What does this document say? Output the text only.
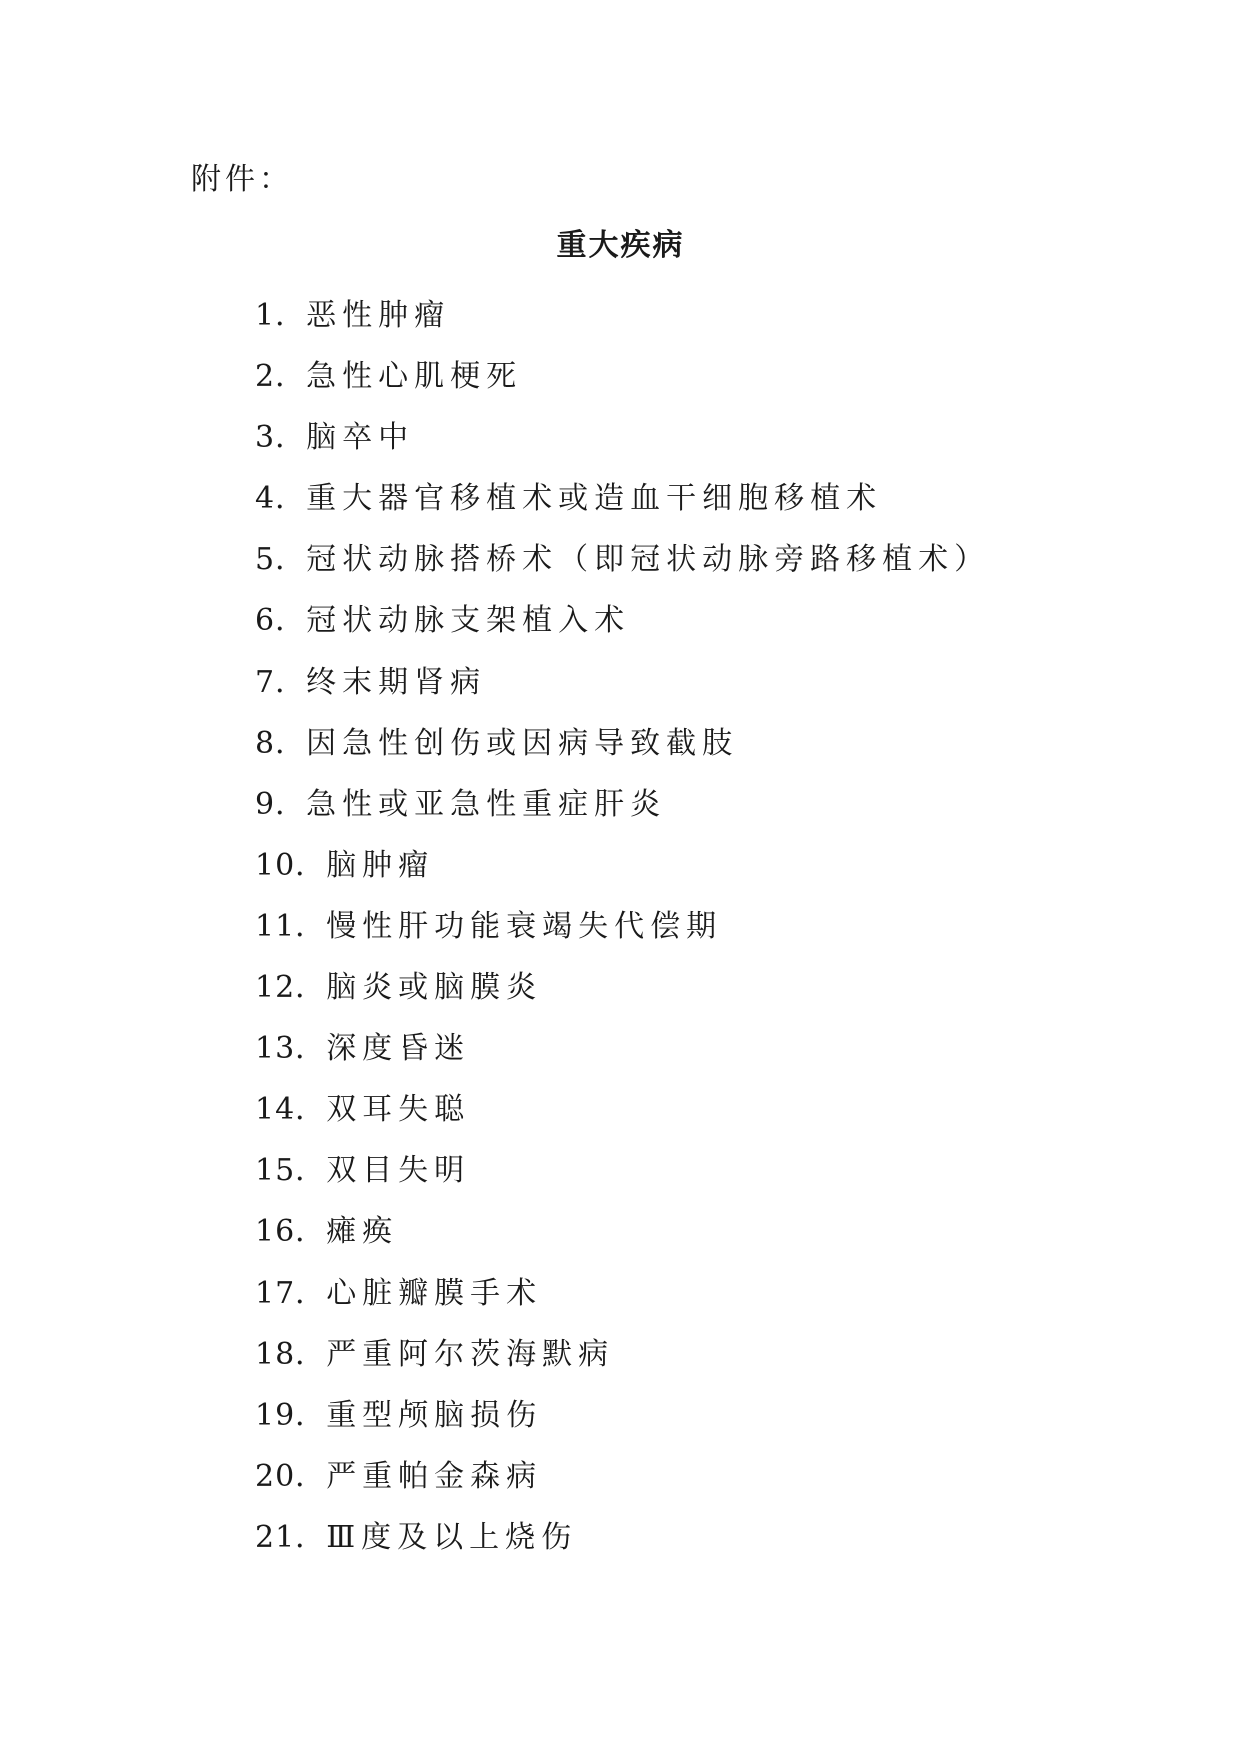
附件：
重大疾病
1．恶性肿瘤
2．急性心肌梗死
3．脑卒中
4．重大器官移植术或造血干细胞移植术
5．冠状动脉搭桥术（即冠状动脉旁路移植术）
6．冠状动脉支架植入术
7．终末期肾病
8．因急性创伤或因病导致截肢
9．急性或亚急性重症肝炎
10．脑肿瘤
11．慢性肝功能衰竭失代偿期
12．脑炎或脑膜炎
13．深度昏迷
14．双耳失聪
15．双目失明
16．瘫痪
17．心脏瓣膜手术
18．严重阿尔茨海默病
19．重型颅脑损伤
20．严重帕金森病
21．Ⅲ度及以上烧伤
